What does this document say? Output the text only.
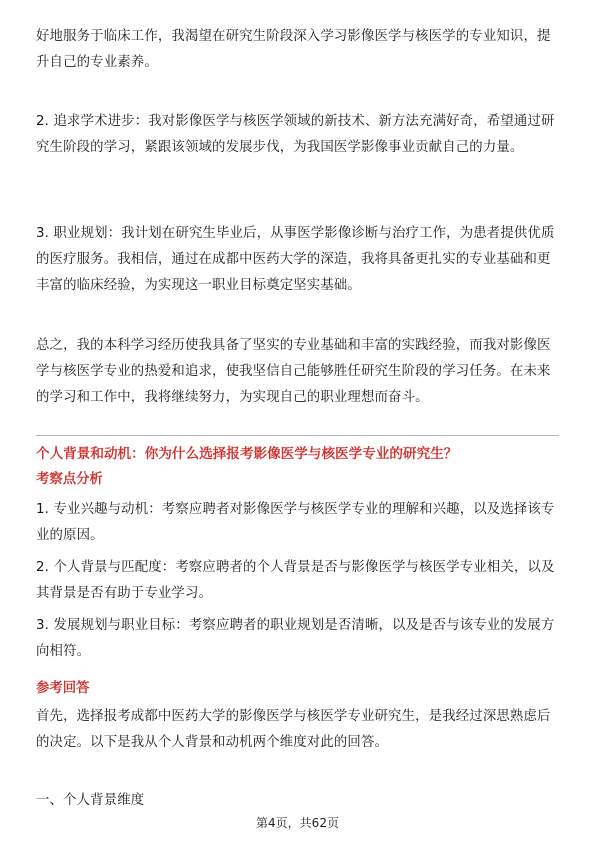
好地服务于临床工作，我渴望在研究生阶段深入学习影像医学与核医学的专业知识，提升自己的专业素养。

2. 追求学术进步：我对影像医学与核医学领域的新技术、新方法充满好奇，希望通过研究生阶段的学习，紧跟该领域的发展步伐，为我国医学影像事业贡献自己的力量。

3. 职业规划：我计划在研究生毕业后，从事医学影像诊断与治疗工作，为患者提供优质的医疗服务。我相信，通过在成都中医药大学的深造，我将具备更扎实的专业基础和更丰富的临床经验，为实现这一职业目标奠定坚实基础。

总之，我的本科学习经历使我具备了坚实的专业基础和丰富的实践经验，而我对影像医学与核医学专业的热爱和追求，使我坚信自己能够胜任研究生阶段的学习任务。在未来的学习和工作中，我将继续努力，为实现自己的职业理想而奋斗。

个人背景和动机：你为什么选择报考影像医学与核医学专业的研究生？

考察点分析

1. 专业兴趣与动机：考察应聘者对影像医学与核医学专业的理解和兴趣，以及选择该专业的原因。

2. 个人背景与匹配度：考察应聘者的个人背景是否与影像医学与核医学专业相关，以及其背景是否有助于专业学习。

3. 发展规划与职业目标：考察应聘者的职业规划是否清晰，以及是否与该专业的发展方向相符。

参考回答

首先，选择报考成都中医药大学的影像医学与核医学专业研究生，是我经过深思熟虑后的决定。以下是我从个人背景和动机两个维度对此的回答。

一、个人背景维度

第4页，共62页
